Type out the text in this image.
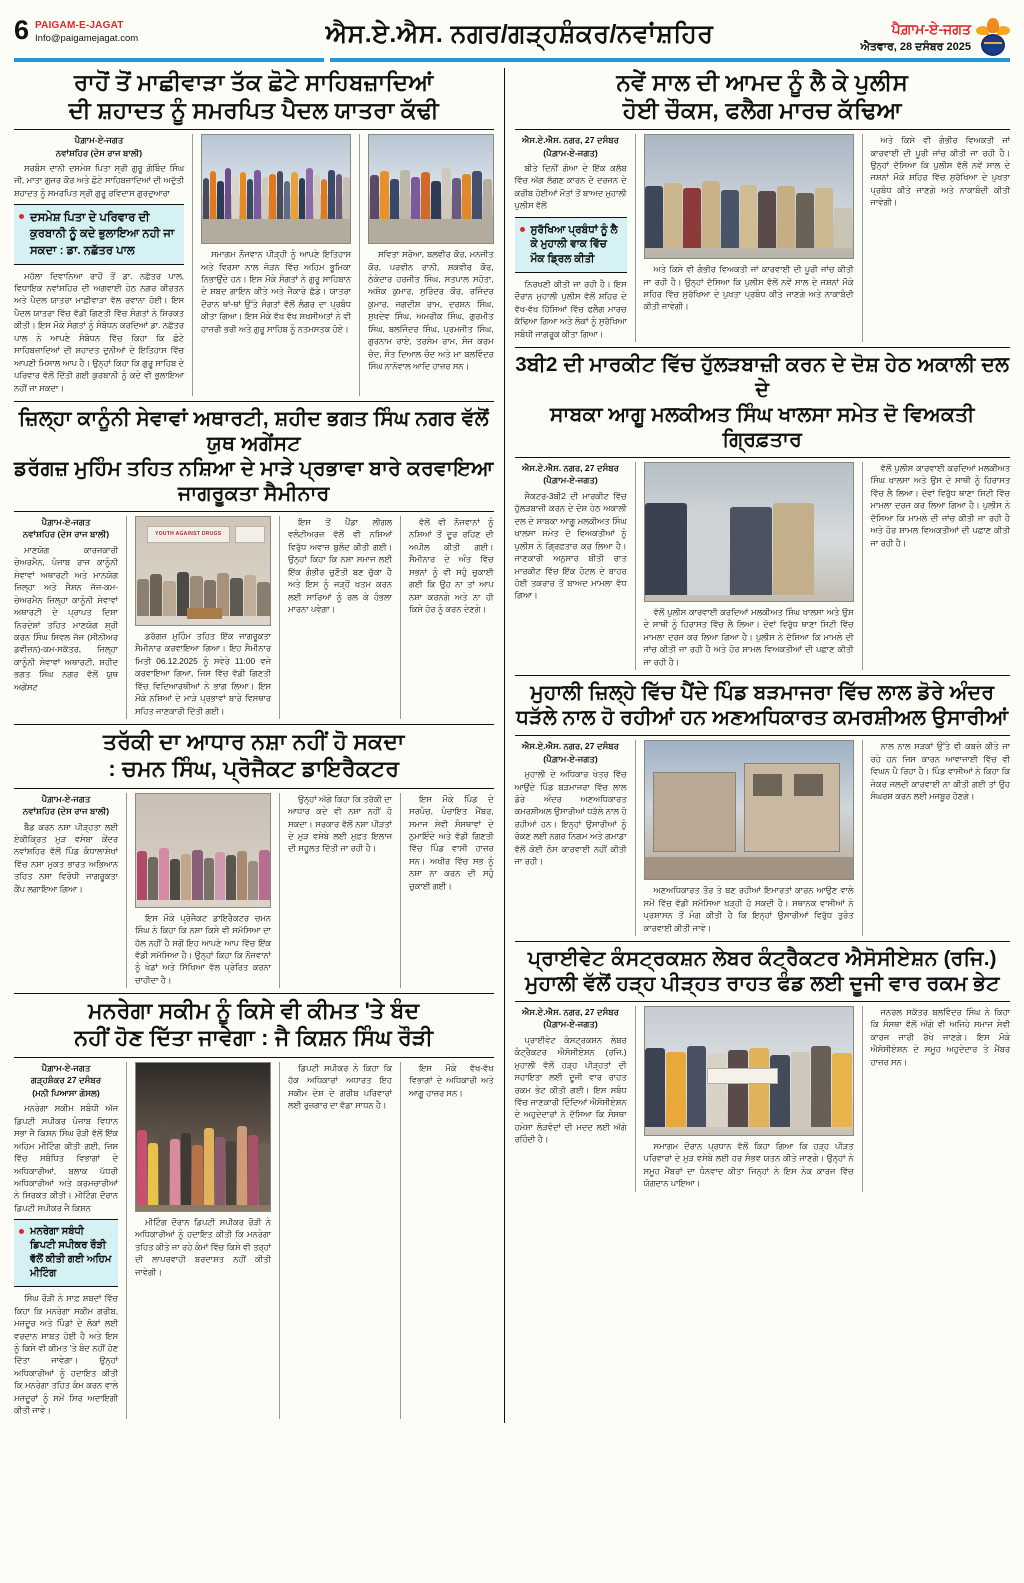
6 PAIGAM-E-JAGAT
Info@paigamejagat.com	ਐਸ.ਏ.ਐਸ. ਨਗਰ/ਗੜ੍ਹਸ਼ੰਕਰ/ਨਵਾਂਸ਼ਹਿਰ	ਪੈਗ਼ਾਮ-ਏ-ਜਗਤ
ਐਤਵਾਰ, 28 ਦਸੰਬਰ 2025
ਰਾਹੋਂ ਤੋਂ ਮਾਛੀਵਾੜਾ ਤੱਕ ਛੋਟੇ ਸਾਹਿਬਜ਼ਾਦਿਆਂ
ਦੀ ਸ਼ਹਾਦਤ ਨੂੰ ਸਮਰਪਿਤ ਪੈਦਲ ਯਾਤਰਾ ਕੱਢੀ
ਪੈਗ਼ਾਮ-ਏ-ਜਗਤ
ਨਵਾਂਸ਼ਹਿਰ (ਦੇਸ ਰਾਜ ਬਾਲੀ)

ਸਰਬੰਸ ਦਾਨੀ ਦਸਮੇਸ਼ ਪਿਤਾ ਸ੍ਰੀ ਗੁਰੂ ਗੋਬਿੰਦ ਸਿੰਘ ਜੀ, ਮਾਤਾ ਗੁਜਰ ਕੌਰ ਅਤੇ ਛੋਟੇ ਸਾਹਿਬਜ਼ਾਦਿਆਂ ਦੀ ਅਦੁੱਤੀ ਸ਼ਹਾਦਤ ਨੂੰ ਸਮਰਪਿਤ ਸ੍ਰੀ ਗੁਰੂ ਰਵਿਦਾਸ ਗੁਰਦੁਆਰਾ

ਦਸਮੇਸ਼ ਪਿਤਾ ਦੇ ਪਰਿਵਾਰ ਦੀ ਕੁਰਬਾਨੀ ਨੂੰ ਕਦੇ ਭੁਲਾਇਆ ਨਹੀ ਜਾ ਸਕਦਾ : ਡਾ. ਨਛੱਤਰ ਪਾਲ

ਮਹੱਲਾ ਦਿਵਾਨਿਆ ਰਾਹੋਂ ਤੋਂ ਡਾ. ਨਛੱਤਰ ਪਾਲ, ਵਿਧਾਇਕ ਨਵਾਂਸ਼ਹਿਰ ਦੀ ਅਗਵਾਈ ਹੇਠ ਨਗਰ ਕੀਰਤਨ ਅਤੇ ਪੈਦਲ ਯਾਤਰਾ ਮਾਛੀਵਾੜਾ ਵੱਲ ਰਵਾਨਾ ਹੋਈ। ਇਸ ਪੈਦਲ ਯਾਤਰਾ ਵਿੱਚ ਵੱਡੀ ਗਿਣਤੀ ਵਿੱਚ ਸੰਗਤਾਂ ਨੇ ਸ਼ਿਰਕਤ ਕੀਤੀ। ਇਸ ਮੌਕੇ ਸੰਗਤਾਂ ਨੂੰ ਸੰਬੋਧਨ ਕਰਦਿਆਂ ਡਾ. ਨਛੱਤਰ ਪਾਲ ਨੇ ਆਪਣੇ ਸੰਬੋਧਨ ਵਿੱਚ ਕਿਹਾ ਕਿ ਛੋਟੇ ਸਾਹਿਬਜ਼ਾਦਿਆਂ ਦੀ ਸ਼ਹਾਦਤ ਦੁਨੀਆਂ ਦੇ ਇਤਿਹਾਸ ਵਿੱਚ ਆਪਣੀ ਮਿਸਾਲ ਆਪ ਹੈ। ਉਨ੍ਹਾਂ ਕਿਹਾ ਕਿ ਗੁਰੂ ਸਾਹਿਬ ਦੇ ਪਰਿਵਾਰ ਵੱਲੋਂ ਦਿੱਤੀ ਗਈ ਕੁਰਬਾਨੀ ਨੂੰ ਕਦੇ ਵੀ ਭੁਲਾਇਆ ਨਹੀਂ ਜਾ ਸਕਦਾ।

ਸਮਾਗਮ ਨੌਜਵਾਨ ਪੀੜ੍ਹੀ ਨੂੰ ਆਪਣੇ ਇਤਿਹਾਸ ਅਤੇ ਵਿਰਸਾ ਨਾਲ ਜੋੜਨ ਵਿੱਚ ਅਹਿਮ ਭੂਮਿਕਾ ਨਿਭਾਉਂਦੇ ਹਨ। ਇਸ ਮੌਕੇ ਸੰਗਤਾਂ ਨੇ ਗੁਰੂ ਸਾਹਿਬਾਨ ਦੇ ਸ਼ਬਦ ਗਾਇਨ ਕੀਤੇ ਅਤੇ ਜੈਕਾਰੇ ਛੱਡੇ। ਯਾਤਰਾ ਦੌਰਾਨ ਥਾਂ-ਥਾਂ ਉੱਤੇ ਸੰਗਤਾਂ ਵੱਲੋਂ ਲੰਗਰ ਦਾ ਪ੍ਰਬੰਧ ਕੀਤਾ ਗਿਆ। ਇਸ ਮੌਕੇ ਵੱਖ ਵੱਖ ਸ਼ਖਸੀਅਤਾਂ ਨੇ ਵੀ ਹਾਜ਼ਰੀ ਭਰੀ ਅਤੇ ਗੁਰੂ ਸਾਹਿਬ ਨੂੰ ਨਤਮਸਤਕ ਹੋਏ।

ਸਵਿਤਾ ਸਰੋਆ, ਬਲਵੀਰ ਕੌਰ, ਮਨਜੀਤ ਕੌਰ, ਪਰਵੀਨ ਰਾਨੀ, ਸ਼ਕਵੀਰ ਕੌਰ, ਠੇਕੇਦਾਰ ਹਰਜੀਤ ਸਿੰਘ, ਸਤਪਾਲ ਸਹੋਤਾ, ਅਸ਼ੋਕ ਕੁਮਾਰ, ਸੁਰਿੰਦਰ ਕੌਰ, ਰਜਿੰਦਰ ਕੁਮਾਰ, ਜਗਦੀਸ਼ ਰਾਮ, ਦਰਸ਼ਨ ਸਿੰਘ, ਸੁਖਦੇਵ ਸਿੰਘ, ਅਮਰੀਕ ਸਿੰਘ, ਗੁਰਮੀਤ ਸਿੰਘ, ਬਲਜਿੰਦਰ ਸਿੰਘ, ਪ੍ਰਮਜੀਤ ਸਿੰਘ, ਗੁਰਨਾਮ ਰਾਏ, ਤਰਸੇਮ ਰਾਮ, ਸੰਜ ਕਰਮ ਚੰਦ, ਸੰਤ ਦਿਆਲ ਚੰਦ ਅਤੇ ਮਾ ਬਲਵਿੰਦਰ ਸਿੰਘ ਨਾਨੋਵਾਲ ਆਦਿ ਹਾਜ਼ਰ ਸਨ।

ਜ਼ਿਲ੍ਹਾ ਕਾਨੂੰਨੀ ਸੇਵਾਵਾਂ ਅਥਾਰਟੀ, ਸ਼ਹੀਦ ਭਗਤ ਸਿੰਘ ਨਗਰ ਵੱਲੋਂ ਯੁਥ ਅਗੇਂਸਟ
ਡਰੱਗਜ਼ ਮੁਹਿੰਮ ਤਹਿਤ ਨਸ਼ਿਆ ਦੇ ਮਾੜੇ ਪ੍ਰਭਾਵਾ ਬਾਰੇ ਕਰਵਾਇਆ ਜਾਗਰੂਕਤਾ ਸੈਮੀਨਾਰ
ਪੈਗ਼ਾਮ-ਏ-ਜਗਤ
ਨਵਾਂਸ਼ਹਿਰ (ਦੇਸ ਰਾਜ ਬਾਲੀ)

ਮਾਣਯੋਗ ਕਾਰਜਕਾਰੀ ਚੇਅਰਮੈਨ, ਪੰਜਾਬ ਰਾਜ ਕਾਨੂੰਨੀ ਸੇਵਾਵਾਂ ਅਥਾਰਟੀ ਅਤੇ ਮਾਨਯੋਗ ਜ਼ਿਲ੍ਹਾ ਅਤੇ ਸੈਸ਼ਨ ਜੱਜ-ਕਮ-ਚੇਅਰਮੈਨ ਜ਼ਿਲ੍ਹਾ ਕਾਨੂੰਨੀ ਸੇਵਾਵਾਂ ਅਥਾਰਟੀ ਦੇ ਪ੍ਰਾਪਤ ਦਿਸ਼ਾ ਨਿਰਦੇਸ਼ਾਂ ਤਹਿਤ ਮਾਣਯੋਗ ਸ਼੍ਰੀ ਕਰਨ ਸਿੰਘ ਸਿਵਲ ਜੱਜ (ਸੀਨੀਅਰ ਡਵੀਜ਼ਨ)-ਕਮ-ਸਕੱਤਰ, ਜ਼ਿਲ੍ਹਾ ਕਾਨੂੰਨੀ ਸੇਵਾਵਾਂ ਅਥਾਰਟੀ, ਸ਼ਹੀਦ ਭਗਤ ਸਿੰਘ ਨਗਰ ਵੱਲੋਂ ਯੁਥ ਅਗੇਂਸਟ

YOUTH AGAINST DRUGS

ਡਰੱਗਜ਼ ਮੁਹਿੰਮ ਤਹਿਤ ਇੱਕ ਜਾਗਰੂਕਤਾ ਸੈਮੀਨਾਰ ਕਰਵਾਇਆ ਗਿਆ। ਇਹ ਸੈਮੀਨਾਰ ਮਿਤੀ 06.12.2025 ਨੂੰ ਸਵੇਰੇ 11:00 ਵਜੇ ਕਰਵਾਇਆ ਗਿਆ, ਜਿਸ ਵਿੱਚ ਵੱਡੀ ਗਿਣਤੀ ਵਿੱਚ ਵਿਦਿਆਰਥੀਆਂ ਨੇ ਭਾਗ ਲਿਆ। ਇਸ ਮੌਕੇ ਨਸ਼ਿਆਂ ਦੇ ਮਾੜੇ ਪ੍ਰਭਾਵਾਂ ਬਾਰੇ ਵਿਸਥਾਰ ਸਹਿਤ ਜਾਣਕਾਰੀ ਦਿੱਤੀ ਗਈ।

ਇਸ ਤੋਂ ਪੈਂਡਾ ਲੀਗਲ ਵਲੰਟੀਅਰਜ਼ ਵੱਲੋਂ ਵੀ ਨਸ਼ਿਆਂ ਵਿਰੁੱਧ ਅਵਾਜ਼ ਬੁਲੰਦ ਕੀਤੀ ਗਈ। ਉਨ੍ਹਾਂ ਕਿਹਾ ਕਿ ਨਸ਼ਾ ਸਮਾਜ ਲਈ ਇੱਕ ਗੰਭੀਰ ਚੁਣੌਤੀ ਬਣ ਚੁੱਕਾ ਹੈ ਅਤੇ ਇਸ ਨੂੰ ਜੜ੍ਹੋਂ ਖਤਮ ਕਰਨ ਲਈ ਸਾਰਿਆਂ ਨੂੰ ਰਲ ਕੇ ਹੰਭਲਾ ਮਾਰਨਾ ਪਵੇਗਾ।

ਵੱਲੋਂ ਵੀ ਨੌਜਵਾਨਾਂ ਨੂੰ ਨਸ਼ਿਆਂ ਤੋਂ ਦੂਰ ਰਹਿਣ ਦੀ ਅਪੀਲ ਕੀਤੀ ਗਈ। ਸੈਮੀਨਾਰ ਦੇ ਅੰਤ ਵਿੱਚ ਸਭਨਾਂ ਨੂੰ ਵੀ ਸਹੁੰ ਚੁਕਾਈ ਗਈ ਕਿ ਉਹ ਨਾ ਤਾਂ ਆਪ ਨਸ਼ਾ ਕਰਨਗੇ ਅਤੇ ਨਾ ਹੀ ਕਿਸੇ ਹੋਰ ਨੂੰ ਕਰਨ ਦੇਣਗੇ।

ਤਰੱਕੀ ਦਾ ਆਧਾਰ ਨਸ਼ਾ ਨਹੀਂ ਹੋ ਸਕਦਾ
: ਚਮਨ ਸਿੰਘ, ਪ੍ਰੋਜੈਕਟ ਡਾਇਰੈਕਟਰ
ਪੈਗ਼ਾਮ-ਏ-ਜਗਤ
ਨਵਾਂਸ਼ਹਿਰ (ਦੇਸ ਰਾਜ ਬਾਲੀ)

ਬੈੱਡ ਕਰਨ ਨਸ਼ਾ ਪੀੜ੍ਹਤਾ ਲਈ ਏਕੀਕ੍ਰਿਤ ਮੁੜ ਵਸੇਬਾ ਕੇਂਦਰ ਨਵਾਂਸ਼ਹਿਰ ਵੱਲੋਂ ਪਿੰਡ ਕੰਧਾਲਾਸ਼ੇਖਾਂ ਵਿੱਚ ਨਸ਼ਾ ਮੁਕਤ ਭਾਰਤ ਅਭਿਆਨ ਤਹਿਤ ਨਸ਼ਾ ਵਿਰੋਧੀ ਜਾਗਰੂਕਤਾ ਕੈਂਪ ਲਗਾਇਆ ਗਿਆ।

ਇਸ ਮੌਕੇ ਪ੍ਰੋਜੈਕਟ ਡਾਇਰੈਕਟਰ ਚਮਨ ਸਿੰਘ ਨੇ ਕਿਹਾ ਕਿ ਨਸ਼ਾ ਕਿਸੇ ਵੀ ਸਮੱਸਿਆ ਦਾ ਹੱਲ ਨਹੀਂ ਹੈ ਸਗੋਂ ਇਹ ਆਪਣੇ ਆਪ ਵਿੱਚ ਇੱਕ ਵੱਡੀ ਸਮੱਸਿਆ ਹੈ। ਉਨ੍ਹਾਂ ਕਿਹਾ ਕਿ ਨੌਜਵਾਨਾਂ ਨੂੰ ਖੇਡਾਂ ਅਤੇ ਸਿੱਖਿਆ ਵੱਲ ਪ੍ਰੇਰਿਤ ਕਰਨਾ ਚਾਹੀਦਾ ਹੈ।

ਉਨ੍ਹਾਂ ਅੱਗੇ ਕਿਹਾ ਕਿ ਤਰੱਕੀ ਦਾ ਆਧਾਰ ਕਦੇ ਵੀ ਨਸ਼ਾ ਨਹੀਂ ਹੋ ਸਕਦਾ। ਸਰਕਾਰ ਵੱਲੋਂ ਨਸ਼ਾ ਪੀੜਤਾਂ ਦੇ ਮੁੜ ਵਸੇਬੇ ਲਈ ਮੁਫ਼ਤ ਇਲਾਜ ਦੀ ਸਹੂਲਤ ਦਿੱਤੀ ਜਾ ਰਹੀ ਹੈ।

ਇਸ ਮੌਕੇ ਪਿੰਡ ਦੇ ਸਰਪੰਚ, ਪੰਚਾਇਤ ਮੈਂਬਰ, ਸਮਾਜ ਸੇਵੀ ਸੰਸਥਾਵਾਂ ਦੇ ਨੁਮਾਇੰਦੇ ਅਤੇ ਵੱਡੀ ਗਿਣਤੀ ਵਿੱਚ ਪਿੰਡ ਵਾਸੀ ਹਾਜ਼ਰ ਸਨ। ਅਖੀਰ ਵਿੱਚ ਸਭ ਨੂੰ ਨਸ਼ਾ ਨਾ ਕਰਨ ਦੀ ਸਹੁੰ ਚੁਕਾਈ ਗਈ।

ਮਨਰੇਗਾ ਸਕੀਮ ਨੂੰ ਕਿਸੇ ਵੀ ਕੀਮਤ 'ਤੇ ਬੰਦ
ਨਹੀਂ ਹੋਣ ਦਿੱਤਾ ਜਾਵੇਗਾ : ਜੈ ਕਿਸ਼ਨ ਸਿੰਘ ਰੌੜੀ
ਪੈਗ਼ਾਮ-ਏ-ਜਗਤ
ਗੜ੍ਹਸ਼ੰਕਰ 27 ਦਸੰਬਰ
(ਮਨੀ ਪਿਆਸਾ ਗੋਸਲ)

ਮਨਰੇਗਾ ਸਕੀਮ ਸਬੰਧੀ ਅੱਜ ਡਿਪਟੀ ਸਪੀਕਰ ਪੰਜਾਬ ਵਿਧਾਨ ਸਭਾ ਜੈ ਕਿਸ਼ਨ ਸਿੰਘ ਰੌੜੀ ਵੱਲੋਂ ਇੱਕ ਅਹਿਮ ਮੀਟਿੰਗ ਕੀਤੀ ਗਈ, ਜਿਸ ਵਿੱਚ ਸਬੰਧਿਤ ਵਿਭਾਗਾਂ ਦੇ ਅਧਿਕਾਰੀਆਂ, ਬਲਾਕ ਪੱਧਰੀ ਅਧਿਕਾਰੀਆਂ ਅਤੇ ਕਰਮਚਾਰੀਆਂ ਨੇ ਸ਼ਿਰਕਤ ਕੀਤੀ। ਮੀਟਿੰਗ ਦੌਰਾਨ ਡਿਪਟੀ ਸਪੀਕਰ ਜੈ ਕਿਸ਼ਨ

ਮਨਰੇਗਾ ਸਬੰਧੀ ਡਿਪਟੀ ਸਪੀਕਰ ਰੌੜੀ ਵੱਲੋਂ ਕੀਤੀ ਗਈ ਅਹਿਮ ਮੀਟਿੰਗ

ਸਿੰਘ ਰੌੜੀ ਨੇ ਸਾਫ਼ ਸ਼ਬਦਾਂ ਵਿੱਚ ਕਿਹਾ ਕਿ ਮਨਰੇਗਾ ਸਕੀਮ ਗਰੀਬ, ਮਜ਼ਦੂਰ ਅਤੇ ਪਿੰਡਾਂ ਦੇ ਲੋਕਾਂ ਲਈ ਵਰਦਾਨ ਸਾਬਤ ਹੋਈ ਹੈ ਅਤੇ ਇਸ ਨੂੰ ਕਿਸੇ ਵੀ ਕੀਮਤ 'ਤੇ ਬੰਦ ਨਹੀਂ ਹੋਣ ਦਿੱਤਾ ਜਾਵੇਗਾ। ਉਨ੍ਹਾਂ ਅਧਿਕਾਰੀਆਂ ਨੂੰ ਹਦਾਇਤ ਕੀਤੀ ਕਿ ਮਨਰੇਗਾ ਤਹਿਤ ਕੰਮ ਕਰਨ ਵਾਲੇ ਮਜ਼ਦੂਰਾਂ ਨੂੰ ਸਮੇਂ ਸਿਰ ਅਦਾਇਗੀ ਕੀਤੀ ਜਾਵੇ।

ਮੀਟਿੰਗ ਦੌਰਾਨ ਡਿਪਟੀ ਸਪੀਕਰ ਰੌੜੀ ਨੇ ਅਧਿਕਾਰੀਆਂ ਨੂੰ ਹਦਾਇਤ ਕੀਤੀ ਕਿ ਮਨਰੇਗਾ ਤਹਿਤ ਕੀਤੇ ਜਾ ਰਹੇ ਕੰਮਾਂ ਵਿੱਚ ਕਿਸੇ ਵੀ ਤਰ੍ਹਾਂ ਦੀ ਲਾਪਰਵਾਹੀ ਬਰਦਾਸ਼ਤ ਨਹੀਂ ਕੀਤੀ ਜਾਵੇਗੀ।

ਡਿਪਟੀ ਸਪੀਕਰ ਨੇ ਕਿਹਾ ਕਿ ਹੱਕ ਅਧਿਕਾਰਾਂ ਅਧਾਰਤ ਇਹ ਸਕੀਮ ਦੇਸ਼ ਦੇ ਗਰੀਬ ਪਰਿਵਾਰਾਂ ਲਈ ਰੁਜ਼ਗਾਰ ਦਾ ਵੱਡਾ ਸਾਧਨ ਹੈ।

ਇਸ ਮੌਕੇ ਵੱਖ-ਵੱਖ ਵਿਭਾਗਾਂ ਦੇ ਅਧਿਕਾਰੀ ਅਤੇ ਆਗੂ ਹਾਜ਼ਰ ਸਨ।

ਨਵੇਂ ਸਾਲ ਦੀ ਆਮਦ ਨੂੰ ਲੈ ਕੇ ਪੁਲੀਸ
ਹੋਈ ਚੌਕਸ, ਫਲੈਗ ਮਾਰਚ ਕੱਢਿਆ
ਐਸ.ਏ.ਐਸ. ਨਗਰ, 27 ਦਸੰਬਰ
(ਪੈਗ਼ਾਮ-ਏ-ਜਗਤ)

ਬੀਤੇ ਦਿਨੀਂ ਗੋਆ ਦੇ ਇੱਕ ਕਲੱਬ ਵਿੱਚ ਅੱਗ ਲੱਗਣ ਕਾਰਨ ਦੋ ਦਰਜਨ ਦੇ ਕਰੀਬ ਹੋਈਆਂ ਮੌਤਾਂ ਤੋਂ ਬਾਅਦ ਮੁਹਾਲੀ ਪੁਲੀਸ ਵੱਲੋਂ

ਸੁਰੱਖਿਆ ਪ੍ਰਬੰਧਾਂ ਨੂੰ ਲੈ ਕੇ ਮੁਹਾਲੀ ਵਾਕ ਵਿੱਚ ਮੌਕ ਡ੍ਰਿਲ ਕੀਤੀ

ਨਿਰਖਣੀ ਕੀਤੀ ਜਾ ਰਹੀ ਹੈ। ਇਸ ਦੌਰਾਨ ਮੁਹਾਲੀ ਪੁਲੀਸ ਵੱਲੋਂ ਸ਼ਹਿਰ ਦੇ ਵੱਖ-ਵੱਖ ਹਿੱਸਿਆਂ ਵਿੱਚ ਫਲੈਗ ਮਾਰਚ ਕੱਢਿਆ ਗਿਆ ਅਤੇ ਲੋਕਾਂ ਨੂੰ ਸੁਰੱਖਿਆ ਸਬੰਧੀ ਜਾਗਰੂਕ ਕੀਤਾ ਗਿਆ।

ਅਤੇ ਕਿਸੇ ਵੀ ਗੰਭੀਰ ਵਿਅਕਤੀ ਜਾਂ ਕਾਰਵਾਈ ਦੀ ਪੂਰੀ ਜਾਂਚ ਕੀਤੀ ਜਾ ਰਹੀ ਹੈ। ਉਨ੍ਹਾਂ ਦੱਸਿਆ ਕਿ ਪੁਲੀਸ ਵੱਲੋਂ ਨਵੇਂ ਸਾਲ ਦੇ ਜਸ਼ਨਾਂ ਮੌਕੇ ਸ਼ਹਿਰ ਵਿੱਚ ਸੁਰੱਖਿਆ ਦੇ ਪੁਖਤਾ ਪ੍ਰਬੰਧ ਕੀਤੇ ਜਾਣਗੇ ਅਤੇ ਨਾਕਾਬੰਦੀ ਕੀਤੀ ਜਾਵੇਗੀ।

ਅਤੇ ਕਿਸੇ ਵੀ ਗੰਭੀਰ ਵਿਅਕਤੀ ਜਾਂ ਕਾਰਵਾਈ ਦੀ ਪੂਰੀ ਜਾਂਚ ਕੀਤੀ ਜਾ ਰਹੀ ਹੈ। ਉਨ੍ਹਾਂ ਦੱਸਿਆ ਕਿ ਪੁਲੀਸ ਵੱਲੋਂ ਨਵੇਂ ਸਾਲ ਦੇ ਜਸ਼ਨਾਂ ਮੌਕੇ ਸ਼ਹਿਰ ਵਿੱਚ ਸੁਰੱਖਿਆ ਦੇ ਪੁਖਤਾ ਪ੍ਰਬੰਧ ਕੀਤੇ ਜਾਣਗੇ ਅਤੇ ਨਾਕਾਬੰਦੀ ਕੀਤੀ ਜਾਵੇਗੀ।

3ਬੀ2 ਦੀ ਮਾਰਕੀਟ ਵਿੱਚ ਹੁੱਲੜਬਾਜ਼ੀ ਕਰਨ ਦੇ ਦੋਸ਼ ਹੇਠ ਅਕਾਲੀ ਦਲ ਦੇ
ਸਾਬਕਾ ਆਗੂ ਮਲਕੀਅਤ ਸਿੰਘ ਖਾਲਸਾ ਸਮੇਤ ਦੋ ਵਿਅਕਤੀ ਗ੍ਰਿਫ਼ਤਾਰ
ਐਸ.ਏ.ਐਸ. ਨਗਰ, 27 ਦਸੰਬਰ
(ਪੈਗ਼ਾਮ-ਏ-ਜਗਤ)

ਸੈਕਟਰ-3ਬੀ2 ਦੀ ਮਾਰਕੀਟ ਵਿੱਚ ਹੁੱਲੜਬਾਜ਼ੀ ਕਰਨ ਦੇ ਦੋਸ਼ ਹੇਠ ਅਕਾਲੀ ਦਲ ਦੇ ਸਾਬਕਾ ਆਗੂ ਮਲਕੀਅਤ ਸਿੰਘ ਖਾਲਸਾ ਸਮੇਤ ਦੋ ਵਿਅਕਤੀਆਂ ਨੂੰ ਪੁਲੀਸ ਨੇ ਗ੍ਰਿਫ਼ਤਾਰ ਕਰ ਲਿਆ ਹੈ। ਜਾਣਕਾਰੀ ਅਨੁਸਾਰ ਬੀਤੀ ਰਾਤ ਮਾਰਕੀਟ ਵਿੱਚ ਇੱਕ ਹੋਟਲ ਦੇ ਬਾਹਰ ਹੋਈ ਤਕਰਾਰ ਤੋਂ ਬਾਅਦ ਮਾਮਲਾ ਵੱਧ ਗਿਆ।

ਵੱਲੋਂ ਪੁਲੀਸ ਕਾਰਵਾਈ ਕਰਦਿਆਂ ਮਲਕੀਅਤ ਸਿੰਘ ਖਾਲਸਾ ਅਤੇ ਉਸ ਦੇ ਸਾਥੀ ਨੂੰ ਹਿਰਾਸਤ ਵਿੱਚ ਲੈ ਲਿਆ। ਦੋਵਾਂ ਵਿਰੁੱਧ ਥਾਣਾ ਸਿਟੀ ਵਿੱਚ ਮਾਮਲਾ ਦਰਜ ਕਰ ਲਿਆ ਗਿਆ ਹੈ। ਪੁਲੀਸ ਨੇ ਦੱਸਿਆ ਕਿ ਮਾਮਲੇ ਦੀ ਜਾਂਚ ਕੀਤੀ ਜਾ ਰਹੀ ਹੈ ਅਤੇ ਹੋਰ ਸ਼ਾਮਲ ਵਿਅਕਤੀਆਂ ਦੀ ਪਛਾਣ ਕੀਤੀ ਜਾ ਰਹੀ ਹੈ।

ਵੱਲੋਂ ਪੁਲੀਸ ਕਾਰਵਾਈ ਕਰਦਿਆਂ ਮਲਕੀਅਤ ਸਿੰਘ ਖਾਲਸਾ ਅਤੇ ਉਸ ਦੇ ਸਾਥੀ ਨੂੰ ਹਿਰਾਸਤ ਵਿੱਚ ਲੈ ਲਿਆ। ਦੋਵਾਂ ਵਿਰੁੱਧ ਥਾਣਾ ਸਿਟੀ ਵਿੱਚ ਮਾਮਲਾ ਦਰਜ ਕਰ ਲਿਆ ਗਿਆ ਹੈ। ਪੁਲੀਸ ਨੇ ਦੱਸਿਆ ਕਿ ਮਾਮਲੇ ਦੀ ਜਾਂਚ ਕੀਤੀ ਜਾ ਰਹੀ ਹੈ ਅਤੇ ਹੋਰ ਸ਼ਾਮਲ ਵਿਅਕਤੀਆਂ ਦੀ ਪਛਾਣ ਕੀਤੀ ਜਾ ਰਹੀ ਹੈ।

ਮੁਹਾਲੀ ਜ਼ਿਲ੍ਹੇ ਵਿੱਚ ਪੈਂਦੇ ਪਿੰਡ ਬੜਮਾਜਰਾ ਵਿੱਚ ਲਾਲ ਡੋਰੇ ਅੰਦਰ
ਧੜੱਲੇ ਨਾਲ ਹੋ ਰਹੀਆਂ ਹਨ ਅਣਅਧਿਕਾਰਤ ਕਮਰਸ਼ੀਅਲ ਉਸਾਰੀਆਂ
ਐਸ.ਏ.ਐਸ. ਨਗਰ, 27 ਦਸੰਬਰ
(ਪੈਗ਼ਾਮ-ਏ-ਜਗਤ)

ਮੁਹਾਲੀ ਦੇ ਅਧਿਕਾਰ ਖੇਤਰ ਵਿੱਚ ਆਉਂਦੇ ਪਿੰਡ ਬੜਮਾਜਰਾ ਵਿੱਚ ਲਾਲ ਡੋਰੇ ਅੰਦਰ ਅਣਅਧਿਕਾਰਤ ਕਮਰਸ਼ੀਅਲ ਉਸਾਰੀਆਂ ਧੜੱਲੇ ਨਾਲ ਹੋ ਰਹੀਆਂ ਹਨ। ਇਨ੍ਹਾਂ ਉਸਾਰੀਆਂ ਨੂੰ ਰੋਕਣ ਲਈ ਨਗਰ ਨਿਗਮ ਅਤੇ ਗਮਾਡਾ ਵੱਲੋਂ ਕੋਈ ਠੋਸ ਕਾਰਵਾਈ ਨਹੀਂ ਕੀਤੀ ਜਾ ਰਹੀ।

ਅਣਅਧਿਕਾਰਤ ਤੌਰ ਤੇ ਬਣ ਰਹੀਆਂ ਇਮਾਰਤਾਂ ਕਾਰਨ ਆਉਣ ਵਾਲੇ ਸਮੇਂ ਵਿੱਚ ਵੱਡੀ ਸਮੱਸਿਆ ਖੜ੍ਹੀ ਹੋ ਸਕਦੀ ਹੈ। ਸਥਾਨਕ ਵਾਸੀਆਂ ਨੇ ਪ੍ਰਸ਼ਾਸਨ ਤੋਂ ਮੰਗ ਕੀਤੀ ਹੈ ਕਿ ਇਨ੍ਹਾਂ ਉਸਾਰੀਆਂ ਵਿਰੁੱਧ ਤੁਰੰਤ ਕਾਰਵਾਈ ਕੀਤੀ ਜਾਵੇ।

ਨਾਲ ਨਾਲ ਸੜਕਾਂ ਉੱਤੇ ਵੀ ਕਬਜ਼ੇ ਕੀਤੇ ਜਾ ਰਹੇ ਹਨ ਜਿਸ ਕਾਰਨ ਆਵਾਜਾਈ ਵਿੱਚ ਵੀ ਵਿਘਨ ਪੈ ਰਿਹਾ ਹੈ। ਪਿੰਡ ਵਾਸੀਆਂ ਨੇ ਕਿਹਾ ਕਿ ਜੇਕਰ ਜਲਦੀ ਕਾਰਵਾਈ ਨਾ ਕੀਤੀ ਗਈ ਤਾਂ ਉਹ ਸੰਘਰਸ਼ ਕਰਨ ਲਈ ਮਜਬੂਰ ਹੋਣਗੇ।

ਪ੍ਰਾਈਵੇਟ ਕੰਸਟ੍ਰਕਸ਼ਨ ਲੇਬਰ ਕੰਟ੍ਰੈਕਟਰ ਐਸੋਸੀਏਸ਼ਨ (ਰਜਿ.)
ਮੁਹਾਲੀ ਵੱਲੋਂ ਹੜ੍ਹ ਪੀੜ੍ਹਤ ਰਾਹਤ ਫੰਡ ਲਈ ਦੂਜੀ ਵਾਰ ਰਕਮ ਭੇਟ
ਐਸ.ਏ.ਐਸ. ਨਗਰ, 27 ਦਸੰਬਰ
(ਪੈਗ਼ਾਮ-ਏ-ਜਗਤ)

ਪ੍ਰਾਈਵੇਟ ਕੰਸਟ੍ਰਕਸ਼ਨ ਲੇਬਰ ਕੰਟ੍ਰੈਕਟਰ ਐਸੋਸੀਏਸ਼ਨ (ਰਜਿ.) ਮੁਹਾਲੀ ਵੱਲੋਂ ਹੜ੍ਹ ਪੀੜ੍ਹਤਾਂ ਦੀ ਸਹਾਇਤਾ ਲਈ ਦੂਜੀ ਵਾਰ ਰਾਹਤ ਰਕਮ ਭੇਟ ਕੀਤੀ ਗਈ। ਇਸ ਸਬੰਧ ਵਿੱਚ ਜਾਣਕਾਰੀ ਦਿੰਦਿਆਂ ਐਸੋਸੀਏਸ਼ਨ ਦੇ ਅਹੁਦੇਦਾਰਾਂ ਨੇ ਦੱਸਿਆ ਕਿ ਸੰਸਥਾ ਹਮੇਸ਼ਾ ਲੋੜਵੰਦਾਂ ਦੀ ਮਦਦ ਲਈ ਅੱਗੇ ਰਹਿੰਦੀ ਹੈ।

ਸਮਾਗਮ ਦੌਰਾਨ ਪ੍ਰਧਾਨ ਵੱਲੋਂ ਕਿਹਾ ਗਿਆ ਕਿ ਹੜ੍ਹ ਪੀੜਤ ਪਰਿਵਾਰਾਂ ਦੇ ਮੁੜ ਵਸੇਬੇ ਲਈ ਹਰ ਸੰਭਵ ਯਤਨ ਕੀਤੇ ਜਾਣਗੇ। ਉਨ੍ਹਾਂ ਨੇ ਸਮੂਹ ਮੈਂਬਰਾਂ ਦਾ ਧੰਨਵਾਦ ਕੀਤਾ ਜਿਨ੍ਹਾਂ ਨੇ ਇਸ ਨੇਕ ਕਾਰਜ ਵਿੱਚ ਯੋਗਦਾਨ ਪਾਇਆ।

ਜਨਰਲ ਸਕੱਤਰ ਬਲਵਿੰਦਰ ਸਿੰਘ ਨੇ ਕਿਹਾ ਕਿ ਸੰਸਥਾ ਵੱਲੋਂ ਅੱਗੇ ਵੀ ਅਜਿਹੇ ਸਮਾਜ ਸੇਵੀ ਕਾਰਜ ਜਾਰੀ ਰੱਖੇ ਜਾਣਗੇ। ਇਸ ਮੌਕੇ ਐਸੋਸੀਏਸ਼ਨ ਦੇ ਸਮੂਹ ਅਹੁਦੇਦਾਰ ਤੇ ਮੈਂਬਰ ਹਾਜ਼ਰ ਸਨ।
